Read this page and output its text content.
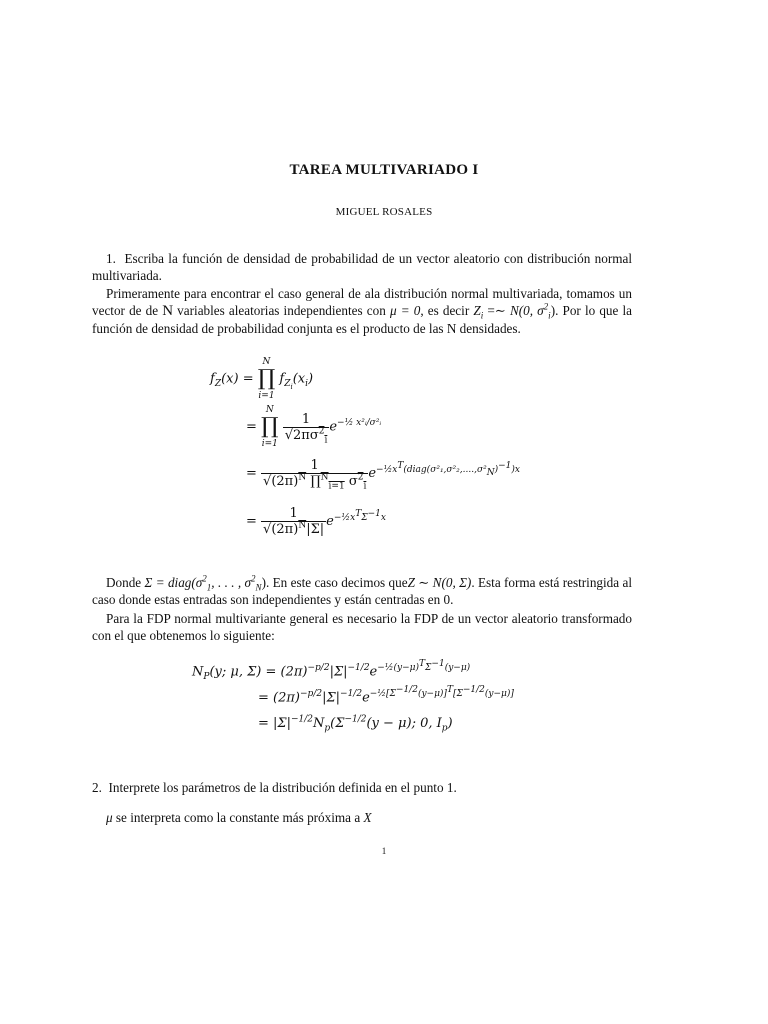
TAREA MULTIVARIADO I
MIGUEL ROSALES
1. Escriba la función de densidad de probabilidad de un vector aleatorio con distribución normal multivariada.
Primeramente para encontrar el caso general de ala distribución normal multivariada, tomamos un vector de de N variables aleatorias independientes con μ = 0, es decir $Z_i$ =∼ N(0, $\sigma^2_i$). Por lo que la función de densidad de probabilidad conjunta es el producto de las N densidades.
$f_Z(x)$ =
N
∏
i=1
$f_{Z_i}(x_i)$
=
N
∏
i=1

$\frac{1}{√2\pi\sigma^2_i} e^{-\frac{1}{2} x^2ᵢ/\sigma^2ᵢ}$
= $\frac{1}{√(2\pi)^N \prod^N_{i=1} \sigma^2_i} e^{-\frac{1}{2}x^T(diag(\sigma^2_1,\sigma^2_2,....,\sigma^2_N)^{-1})x}$
= $\frac{1}{√(2\pi)^N|\Sigma|} e^{-\frac{1}{2}x^T\Sigma^{-1}x}$
Donde $\Sigma = diag(\sigma^2_1$, . . . , $\sigma^2_N$). En este caso decimos queZ ∼ N(0, Σ). Esta forma está restringida al caso donde estas entradas son independientes y están centradas en 0.
Para la FDP normal multivariante general es necesario la FDP de un vector aleatorio transformado con el que obtenemos lo siguiente:
$N_P(y$; μ, $\Sigma) = (2\pi)^{-p/2}|\Sigma|^{-1/2}e^{-\frac{1}{2}(y-\mu)^T\Sigma^{-1}(y-\mu)}$
= $(2\pi)^{-p/2}|\Sigma|^{-1/2}e^{-\frac{1}{2}[\Sigma^{-1/2}(y-\mu)]^T[\Sigma^{-1/2}(y-\mu)]}$
= $|\Sigma|^{-1/2}N_p(\Sigma^{-1/2}(y - \mu)$; 0, $I_p$)
2. Interprete los parámetros de la distribución definida en el punto 1.
μ se interpreta como la constante más próxima a X
1
